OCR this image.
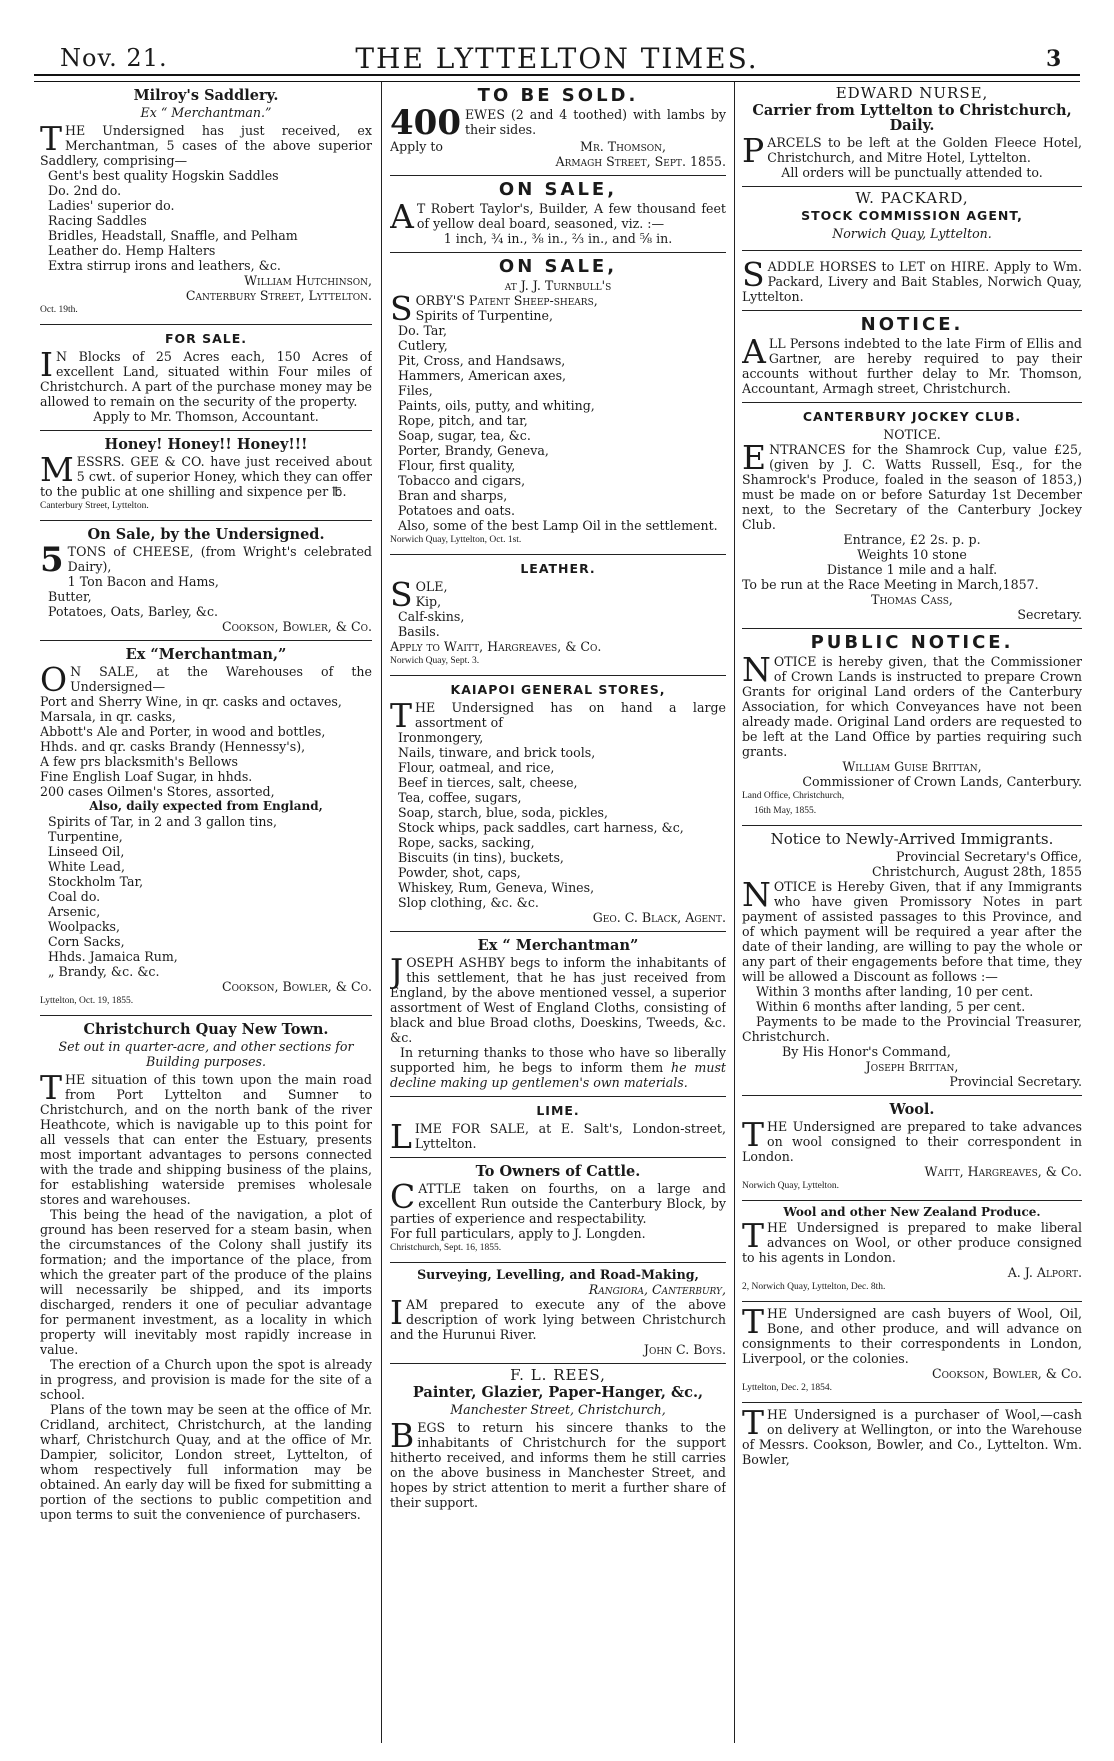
Nov. 21.	THE LYTTELTON TIMES.	3
Milroy's Saddlery.
Ex “ Merchantman.”

THE Undersigned has just received, ex Merchantman, 5 cases of the above superior Saddlery, comprising—

Gent's best quality Hogskin Saddles
Do. 2nd do.
Ladies' superior do.
Racing Saddles
Bridles, Headstall, Snaffle, and Pelham
Leather do. Hemp Halters
Extra stirrup irons and leathers, &c.
William Hutchinson,
Canterbury Street, Lyttelton.
Oct. 19th.
FOR SALE.

I N Blocks of 25 Acres each, 150 Acres of excellent Land, situated within Four miles of Christchurch. A part of the purchase money may be allowed to remain on the security of the property.

Apply to Mr. Thomson, Accountant.
Honey! Honey!! Honey!!!

MESSRS. GEE & CO. have just received about 5 cwt. of superior Honey, which they can offer to the public at one shilling and sixpence per ℔.

Canterbury Street, Lyttelton.
On Sale, by the Undersigned.

5 TONS of CHEESE, (from Wright's celebrated Dairy),

1 Ton Bacon and Hams,
Butter,
Potatoes, Oats, Barley, &c.
Cookson, Bowler, & Co.
Ex “Merchantman,”

O N SALE, at the Warehouses of the Undersigned—

Port and Sherry Wine, in qr. casks and octaves,
Marsala, in qr. casks,
Abbott's Ale and Porter, in wood and bottles,
Hhds. and qr. casks Brandy (Hennessy's),
A few prs blacksmith's Bellows
Fine English Loaf Sugar, in hhds.
200 cases Oilmen's Stores, assorted,
Also, daily expected from England,
Spirits of Tar, in 2 and 3 gallon tins,
Turpentine,
Linseed Oil,
White Lead,
Stockholm Tar,
Coal do.
Arsenic,
Woolpacks,
Corn Sacks,
Hhds. Jamaica Rum,
„ Brandy, &c. &c.
Cookson, Bowler, & Co.
Lyttelton, Oct. 19, 1855.
Christchurch Quay New Town.
Set out in quarter-acre, and other sections for Building purposes.

THE situation of this town upon the main road from Port Lyttelton and Sumner to Christchurch, and on the north bank of the river Heathcote, which is navigable up to this point for all vessels that can enter the Estuary, presents most important advantages to persons connected with the trade and shipping business of the plains, for establishing waterside premises wholesale stores and warehouses.

This being the head of the navigation, a plot of ground has been reserved for a steam basin, when the circumstances of the Colony shall justify its formation; and the importance of the place, from which the greater part of the produce of the plains will necessarily be shipped, and its imports discharged, renders it one of peculiar advantage for permanent investment, as a locality in which property will inevitably most rapidly increase in value.

The erection of a Church upon the spot is already in progress, and provision is made for the site of a school.

Plans of the town may be seen at the office of Mr. Cridland, architect, Christchurch, at the landing wharf, Christchurch Quay, and at the office of Mr. Dampier, solicitor, London street, Lyttelton, of whom respectively full information may be obtained. An early day will be fixed for submitting a portion of the sections to public competition and upon terms to suit the convenience of purchasers.

TO BE SOLD.

400 EWES (2 and 4 toothed) with lambs by their sides.

Apply to	Mr. Thomson,
Armagh Street, Sept. 1855.
ON SALE,

A T Robert Taylor's, Builder, A few thousand feet of yellow deal board, seasoned, viz. :—

1 inch, ¾ in., ⅜ in., ⅔ in., and ⅝ in.
ON SALE,
at J. J. Turnbull's

SORBY'S Patent Sheep-shears,

Spirits of Turpentine,
Do. Tar,
Cutlery,
Pit, Cross, and Handsaws,
Hammers, American axes,
Files,
Paints, oils, putty, and whiting,
Rope, pitch, and tar,
Soap, sugar, tea, &c.
Porter, Brandy, Geneva,
Flour, first quality,
Tobacco and cigars,
Bran and sharps,
Potatoes and oats.

Also, some of the best Lamp Oil in the settlement.

Norwich Quay, Lyttelton, Oct. 1st.
LEATHER.

SOLE,

Kip,
Calf-skins,
Basils.
Apply to Waitt, Hargreaves, & Co.
Norwich Quay, Sept. 3.
KAIAPOI GENERAL STORES,

THE Undersigned has on hand a large assortment of

Ironmongery,
Nails, tinware, and brick tools,
Flour, oatmeal, and rice,
Beef in tierces, salt, cheese,
Tea, coffee, sugars,
Soap, starch, blue, soda, pickles,
Stock whips, pack saddles, cart harness, &c,
Rope, sacks, sacking,
Biscuits (in tins), buckets,
Powder, shot, caps,
Whiskey, Rum, Geneva, Wines,
Slop clothing, &c. &c.
Geo. C. Black, Agent.
Ex “ Merchantman”

JOSEPH ASHBY begs to inform the inhabitants of this settlement, that he has just received from England, by the above mentioned vessel, a superior assortment of West of England Cloths, consisting of black and blue Broad cloths, Doeskins, Tweeds, &c. &c.

In returning thanks to those who have so liberally supported him, he begs to inform them he must decline making up gentlemen's own materials.

LIME.

LIME FOR SALE, at E. Salt's, London-street, Lyttelton.

To Owners of Cattle.

CATTLE taken on fourths, on a large and excellent Run outside the Canterbury Block, by parties of experience and respectability.

For full particulars, apply to J. Longden.
Christchurch, Sept. 16, 1855.
Surveying, Levelling, and Road-Making,
Rangiora, Canterbury,

IAM prepared to execute any of the above description of work lying between Christchurch and the Hurunui River.

John C. Boys.
F. L. REES,
Painter, Glazier, Paper-Hanger, &c.,
Manchester Street, Christchurch,

BEGS to return his sincere thanks to the inhabitants of Christchurch for the support hitherto received, and informs them he still carries on the above business in Manchester Street, and hopes by strict attention to merit a further share of their support.

EDWARD NURSE,
Carrier from Lyttelton to Christchurch, Daily.

PARCELS to be left at the Golden Fleece Hotel, Christchurch, and Mitre Hotel, Lyttelton.

All orders will be punctually attended to.
W. PACKARD,
STOCK COMMISSION AGENT,
Norwich Quay, Lyttelton.

SADDLE HORSES to LET on HIRE. Apply to Wm. Packard, Livery and Bait Stables, Norwich Quay, Lyttelton.

NOTICE.

ALL Persons indebted to the late Firm of Ellis and Gartner, are hereby required to pay their accounts without further delay to Mr. Thomson, Accountant, Armagh street, Christchurch.

CANTERBURY JOCKEY CLUB.
NOTICE.

ENTRANCES for the Shamrock Cup, value £25, (given by J. C. Watts Russell, Esq., for the Shamrock's Produce, foaled in the season of 1853,) must be made on or before Saturday 1st December next, to the Secretary of the Canterbury Jockey Club.

Entrance, £2 2s. p. p.
Weights 10 stone
Distance 1 mile and a half.
To be run at the Race Meeting in March,1857.
Thomas Cass,
Secretary.
PUBLIC NOTICE.

NOTICE is hereby given, that the Commissioner of Crown Lands is instructed to prepare Crown Grants for original Land orders of the Canterbury Association, for which Conveyances have not been already made. Original Land orders are requested to be left at the Land Office by parties requiring such grants.

William Guise Brittan,
Commissioner of Crown Lands, Canterbury.
Land Office, Christchurch,
16th May, 1855.
Notice to Newly-Arrived Immigrants.
Provincial Secretary's Office,
Christchurch, August 28th, 1855

NOTICE is Hereby Given, that if any Immigrants who have given Promissory Notes in part payment of assisted passages to this Province, and of which payment will be required a year after the date of their landing, are willing to pay the whole or any part of their engagements before that time, they will be allowed a Discount as follows :—

Within 3 months after landing, 10 per cent.
Within 6 months after landing, 5 per cent.

Payments to be made to the Provincial Treasurer, Christchurch.

By His Honor's Command,
Joseph Brittan,
Provincial Secretary.
Wool.

THE Undersigned are prepared to take advances on wool consigned to their correspondent in London.

Waitt, Hargreaves, & Co.
Norwich Quay, Lyttelton.
Wool and other New Zealand Produce.

THE Undersigned is prepared to make liberal advances on Wool, or other produce consigned to his agents in London.

A. J. Alport.
2, Norwich Quay, Lyttelton, Dec. 8th.

THE Undersigned are cash buyers of Wool, Oil, Bone, and other produce, and will advance on consignments to their correspondents in London, Liverpool, or the colonies.

Cookson, Bowler, & Co.
Lyttelton, Dec. 2, 1854.

THE Undersigned is a purchaser of Wool,—cash on delivery at Wellington, or into the Warehouse of Messrs. Cookson, Bowler, and Co., Lyttelton. Wm. Bowler,
